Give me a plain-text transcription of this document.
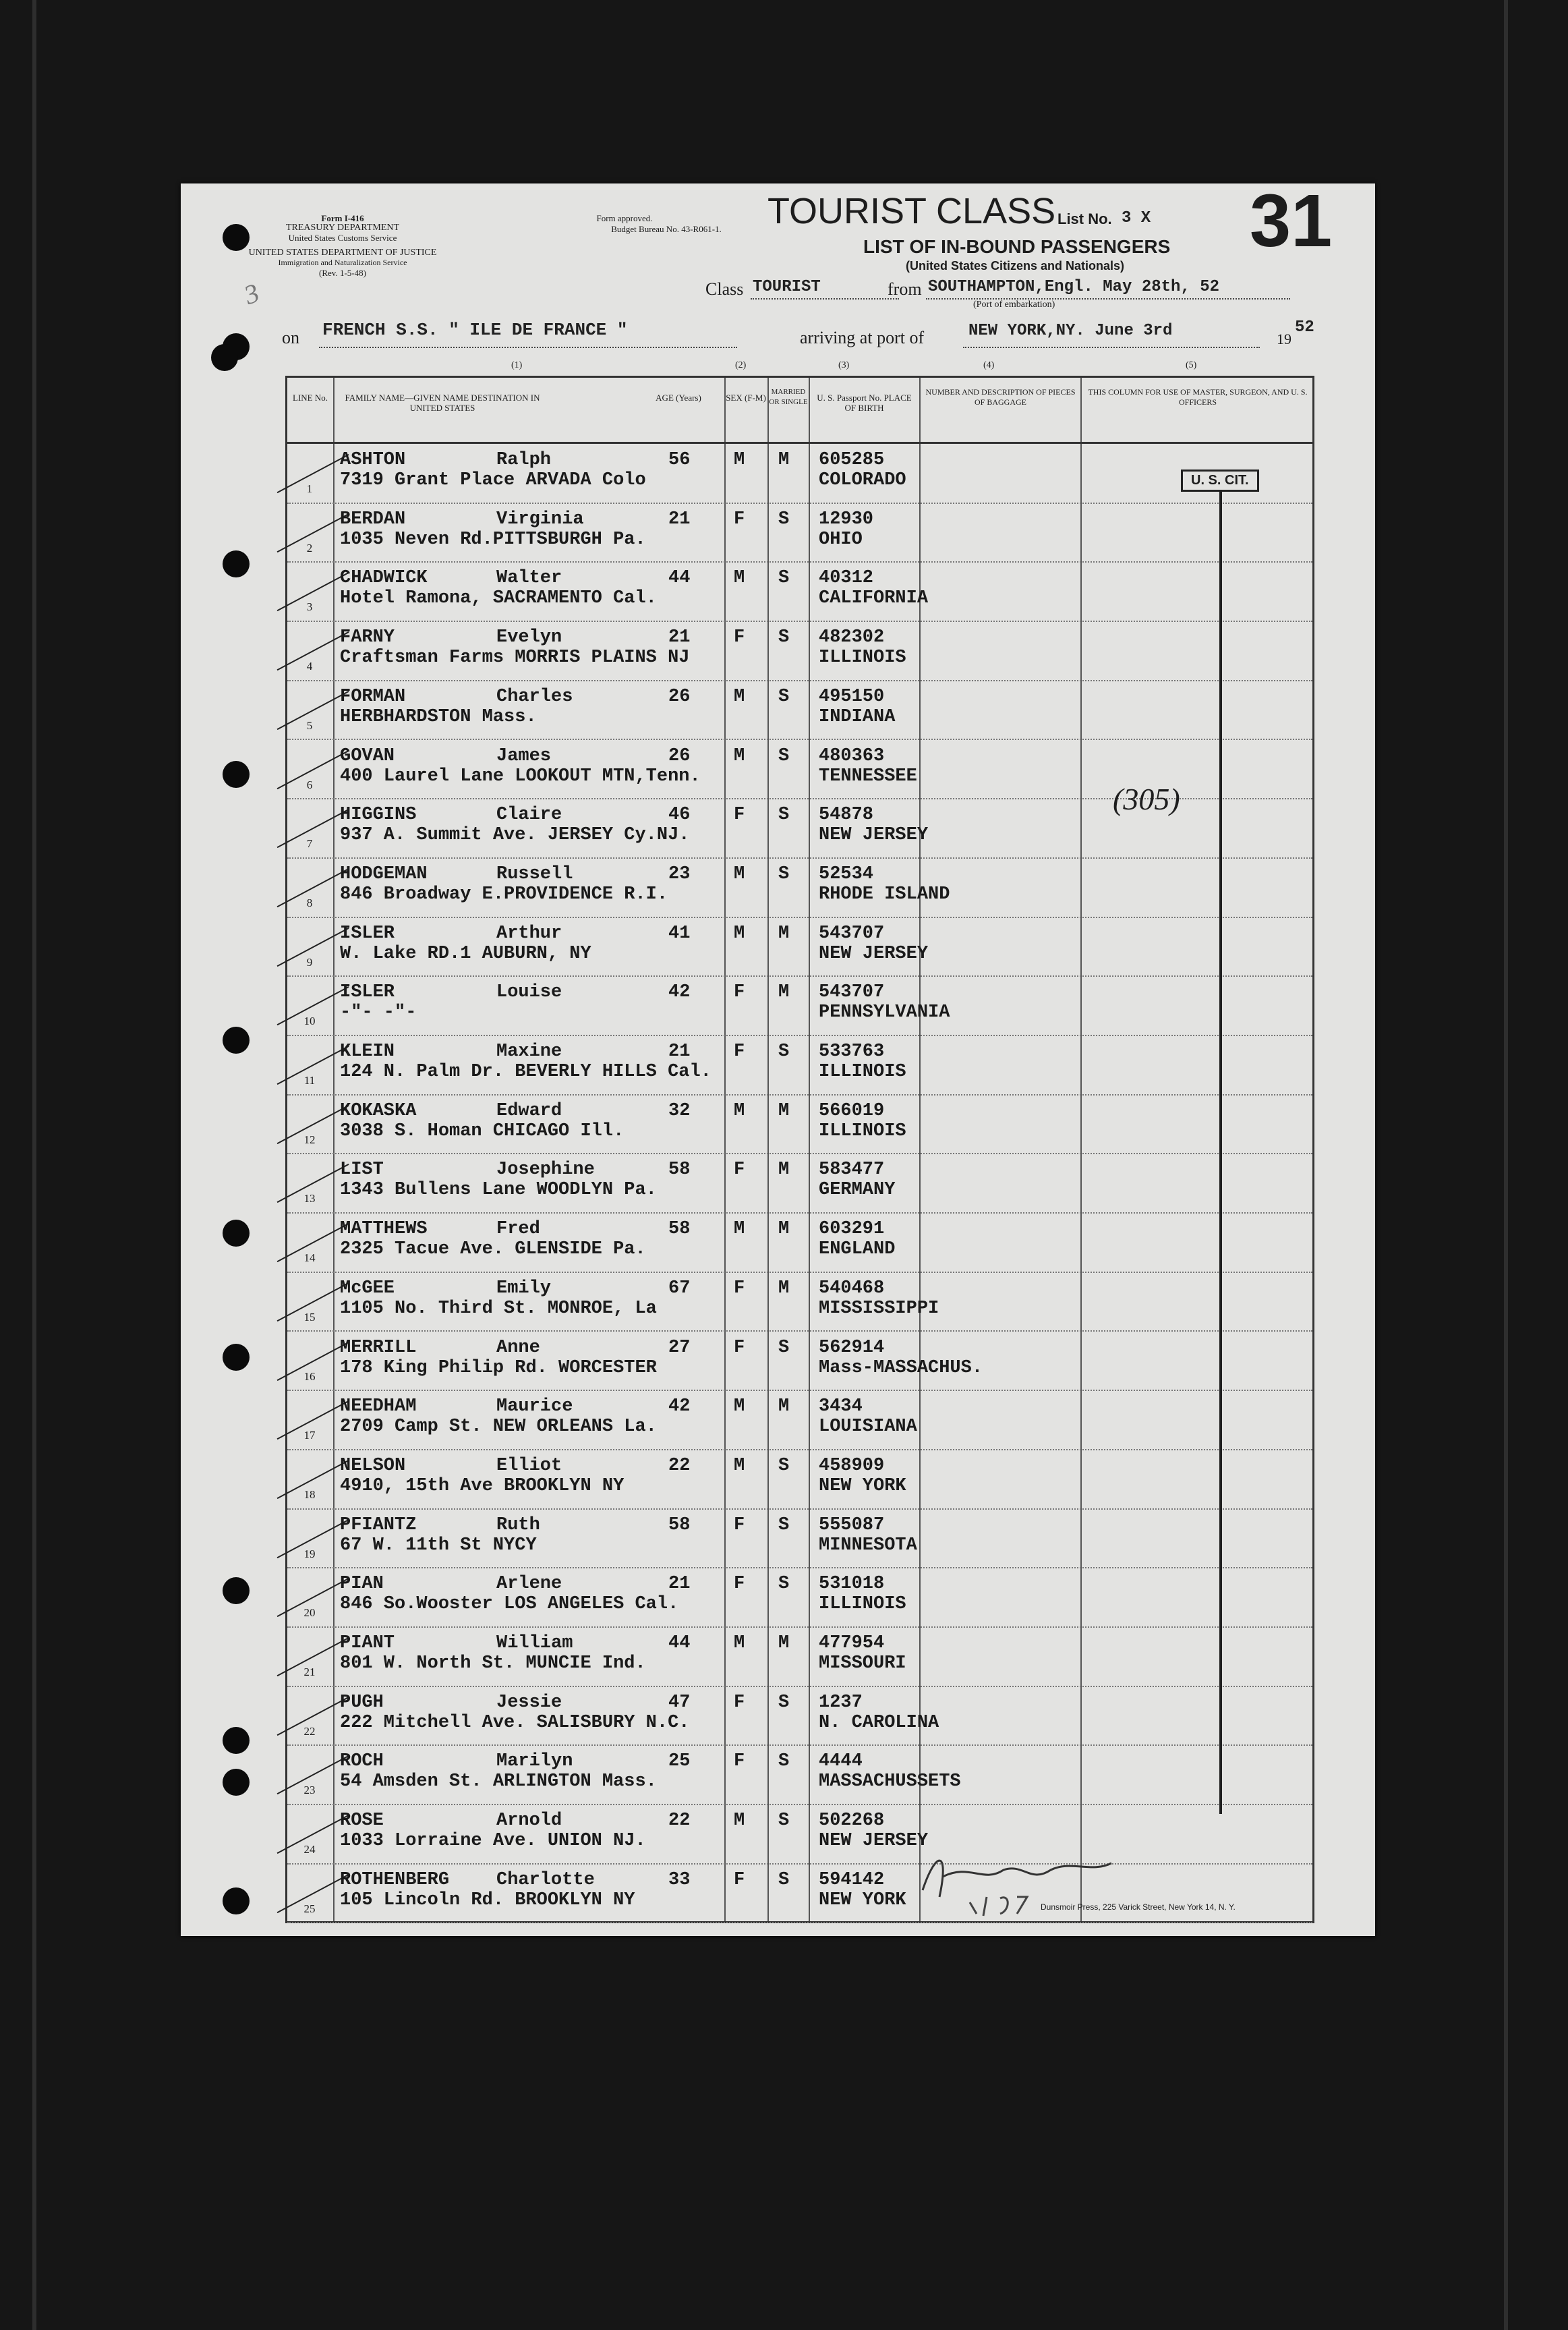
Form I-416
TREASURY DEPARTMENT
United States Customs Service
UNITED STATES DEPARTMENT OF JUSTICE
Immigration and Naturalization Service
(Rev. 1-5-48)
Form approved.
Budget Bureau No. 43-R061-1.
3
TOURIST CLASS List No. 3 X 31
LIST OF IN-BOUND PASSENGERS
(United States Citizens and Nationals)
Class TOURIST	from SOUTHAMPTON,Engl. May 28th, 52
(Port of embarkation)
on FRENCH S.S. " ILE DE FRANCE "	arriving at port of	NEW YORK,NY. June 3rd	19
52
(1)	(2)	(3)	(4)	(5)
LINE No.	FAMILY NAME—GIVEN NAME DESTINATION IN UNITED STATES
AGE (Years)	SEX (F-M)
MARRIED OR SINGLE	U. S. Passport No. PLACE OF BIRTH
NUMBER AND DESCRIPTION OF PIECES OF BAGGAGE
THIS COLUMN FOR USE OF MASTER, SURGEON, AND U. S. OFFICERS
1
ASHTON	Ralph	56 M M
7319 Grant Place ARVADA Colo
605285
COLORADO
2
BERDAN	Virginia	21 F S
1035 Neven Rd.PITTSBURGH Pa.
12930
OHIO
3
CHADWICK	Walter	44 M S
Hotel Ramona, SACRAMENTO Cal.
40312
CALIFORNIA
4
FARNY	Evelyn	21 F S
Craftsman Farms MORRIS PLAINS NJ
482302
ILLINOIS
5
FORMAN	Charles	26 M S
HERBHARDSTON Mass.
495150
INDIANA
6
GOVAN	James	26 M S
400 Laurel Lane LOOKOUT MTN,Tenn.
480363
TENNESSEE
7
HIGGINS	Claire	46 F S
937 A. Summit Ave. JERSEY Cy.NJ.
54878
NEW JERSEY
8
HODGEMAN	Russell	23 M S
846 Broadway E.PROVIDENCE R.I.
52534
RHODE ISLAND
9
ISLER	Arthur	41 M M
W. Lake RD.1 AUBURN, NY
543707
NEW JERSEY
10
ISLER	Louise	42 F M
-"- -"-
543707
PENNSYLVANIA
11
KLEIN	Maxine	21 F S
124 N. Palm Dr. BEVERLY HILLS Cal.
533763
ILLINOIS
12
KOKASKA	Edward	32 M M
3038 S. Homan CHICAGO Ill.
566019
ILLINOIS
13
LIST	Josephine	58 F M
1343 Bullens Lane WOODLYN Pa.
583477
GERMANY
14
MATTHEWS	Fred	58 M M
2325 Tacue Ave. GLENSIDE Pa.
603291
ENGLAND
15
McGEE	Emily	67 F M
1105 No. Third St. MONROE, La
540468
MISSISSIPPI
16
MERRILL	Anne	27 F S
178 King Philip Rd. WORCESTER
562914
Mass-MASSACHUS.
17
NEEDHAM	Maurice	42 M M
2709 Camp St. NEW ORLEANS La.
3434
LOUISIANA
18
NELSON	Elliot	22 M S
4910, 15th Ave BROOKLYN NY
458909
NEW YORK
19
PFIANTZ	Ruth	58 F S
67 W. 11th St NYCY
555087
MINNESOTA
20
PIAN	Arlene	21 F S
846 So.Wooster LOS ANGELES Cal.
531018
ILLINOIS
21
PIANT	William	44 M M
801 W. North St. MUNCIE Ind.
477954
MISSOURI
22
PUGH	Jessie	47 F S
222 Mitchell Ave. SALISBURY N.C.
1237
N. CAROLINA
23
ROCH	Marilyn	25 F S
54 Amsden St. ARLINGTON Mass.
4444
MASSACHUSSETS
24
ROSE	Arnold	22 M S
1033 Lorraine Ave. UNION NJ.
502268
NEW JERSEY
25
ROTHENBERG	Charlotte	33 F S
105 Lincoln Rd. BROOKLYN NY
594142
NEW YORK
U. S. CIT.
(305)
Dunsmoir Press, 225 Varick Street, New York 14, N. Y.
